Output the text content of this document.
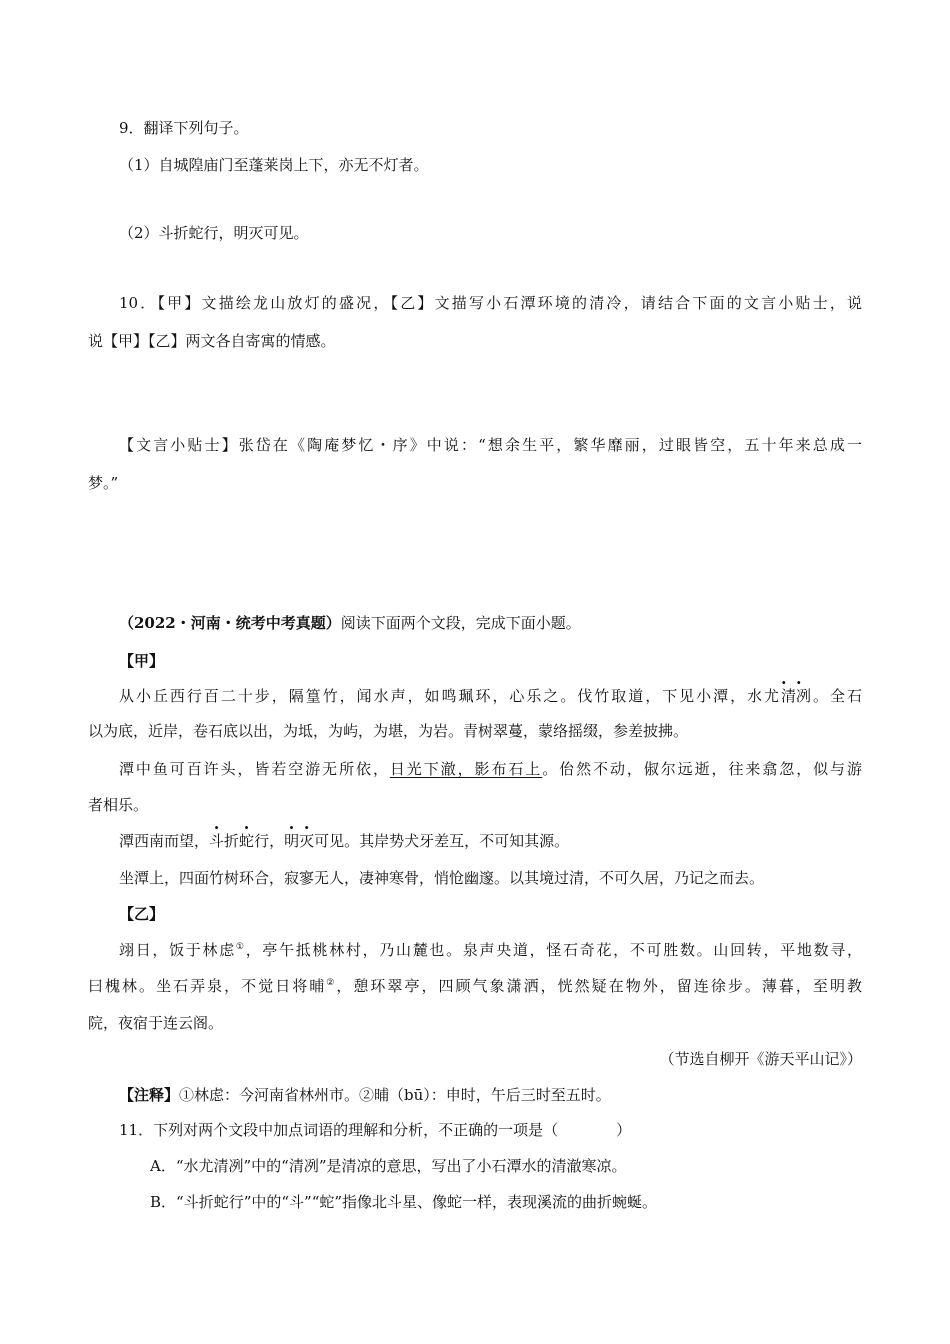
9．翻译下列句子。
（1）自城隍庙门至蓬莱岗上下，亦无不灯者。
（2）斗折蛇行，明灭可见。
10．【甲】文描绘龙山放灯的盛况，【乙】文描写小石潭环境的清冷，请结合下面的文言小贴士，说
说【甲】【乙】两文各自寄寓的情感。
【文言小贴士】张岱在《陶庵梦忆・序》中说：“想余生平，繁华靡丽，过眼皆空，五十年来总成一
梦。”
（2022・河南・统考中考真题）阅读下面两个文段，完成下面小题。
【甲】
从小丘西行百二十步，隔篁竹，闻水声，如鸣珮环，心乐之。伐竹取道，下见小潭，水尤清冽。全石
以为底，近岸，卷石底以出，为坻，为屿，为堪，为岩。青树翠蔓，蒙络摇缀，参差披拂。
潭中鱼可百许头，皆若空游无所依，日光下澈，影布石上。佁然不动，俶尔远逝，往来翕忽，似与游
者相乐。
潭西南而望，斗折蛇行，明灭可见。其岸势犬牙差互，不可知其源。
坐潭上，四面竹树环合，寂寥无人，凄神寒骨，悄怆幽邃。以其境过清，不可久居，乃记之而去。
【乙】
翊日，饭于林虑①，亭午抵桃林村，乃山麓也。泉声央道，怪石奇花，不可胜数。山回转，平地数寻，
曰槐林。坐石弄泉，不觉日将晡②，憩环翠亭，四顾气象潇洒，恍然疑在物外，留连徐步。薄暮，至明教
院，夜宿于连云阁。
（节选自柳开《游天平山记》）
【注释】①林虑：今河南省林州市。②晡（bū）：申时，午后三时至五时。
11．下列对两个文段中加点词语的理解和分析，不正确的一项是（	）
A．“水尤清冽”中的“清冽”是清凉的意思，写出了小石潭水的清澈寒凉。
B．“斗折蛇行”中的“斗”“蛇”指像北斗星、像蛇一样，表现溪流的曲折蜿蜒。
